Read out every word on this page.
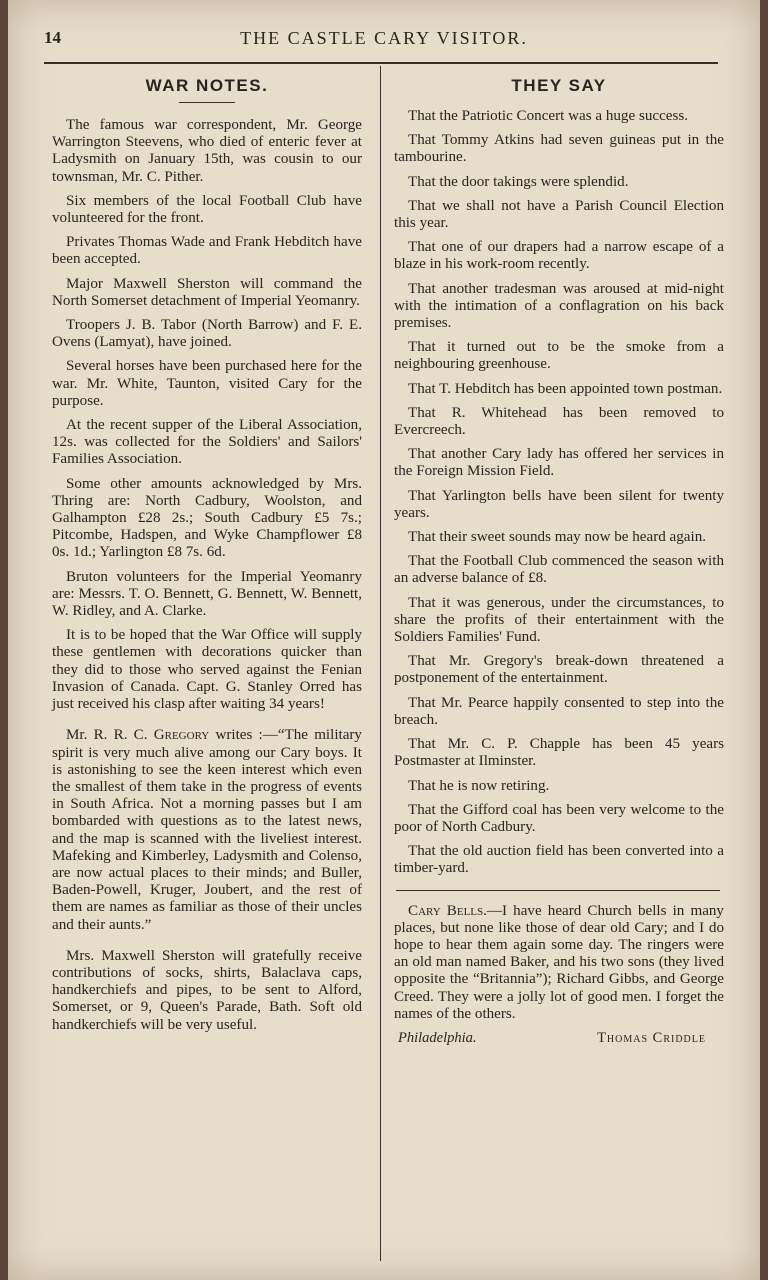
14	THE CASTLE CARY VISITOR.
WAR NOTES.

The famous war correspondent, Mr. George Warrington Steevens, who died of enteric fever at Ladysmith on January 15th, was cousin to our townsman, Mr. C. Pither.

Six members of the local Football Club have volunteered for the front.

Privates Thomas Wade and Frank Hebditch have been accepted.

Major Maxwell Sherston will command the North Somerset detachment of Imperial Yeomanry.

Troopers J. B. Tabor (North Barrow) and F. E. Ovens (Lamyat), have joined.

Several horses have been purchased here for the war. Mr. White, Taunton, visited Cary for the purpose.

At the recent supper of the Liberal Association, 12s. was collected for the Soldiers' and Sailors' Families Association.

Some other amounts acknowledged by Mrs. Thring are: North Cadbury, Woolston, and Galhampton £28 2s.; South Cadbury £5 7s.; Pitcombe, Hadspen, and Wyke Champflower £8 0s. 1d.; Yarlington £8 7s. 6d.

Bruton volunteers for the Imperial Yeomanry are: Messrs. T. O. Bennett, G. Bennett, W. Bennett, W. Ridley, and A. Clarke.

It is to be hoped that the War Office will supply these gentlemen with decorations quicker than they did to those who served against the Fenian Invasion of Canada. Capt. G. Stanley Orred has just received his clasp after waiting 34 years!

Mr. R. R. C. Gregory writes :—“The military spirit is very much alive among our Cary boys. It is astonishing to see the keen interest which even the smallest of them take in the progress of events in South Africa. Not a morning passes but I am bombarded with questions as to the latest news, and the map is scanned with the liveliest interest. Mafeking and Kimberley, Ladysmith and Colenso, are now actual places to their minds; and Buller, Baden-Powell, Kruger, Joubert, and the rest of them are names as familiar as those of their uncles and their aunts.”

Mrs. Maxwell Sherston will gratefully receive contributions of socks, shirts, Balaclava caps, handkerchiefs and pipes, to be sent to Alford, Somerset, or 9, Queen's Parade, Bath. Soft old handkerchiefs will be very useful.

THEY SAY

That the Patriotic Concert was a huge success.

That Tommy Atkins had seven guineas put in the tambourine.

That the door takings were splendid.

That we shall not have a Parish Council Election this year.

That one of our drapers had a narrow escape of a blaze in his work-room recently.

That another tradesman was aroused at mid-night with the intimation of a conflagration on his back premises.

That it turned out to be the smoke from a neighbouring greenhouse.

That T. Hebditch has been appointed town postman.

That R. Whitehead has been removed to Evercreech.

That another Cary lady has offered her services in the Foreign Mission Field.

That Yarlington bells have been silent for twenty years.

That their sweet sounds may now be heard again.

That the Football Club commenced the season with an adverse balance of £8.

That it was generous, under the circumstances, to share the profits of their entertainment with the Soldiers Families' Fund.

That Mr. Gregory's break-down threatened a postponement of the entertainment.

That Mr. Pearce happily consented to step into the breach.

That Mr. C. P. Chapple has been 45 years Postmaster at Ilminster.

That he is now retiring.

That the Gifford coal has been very welcome to the poor of North Cadbury.

That the old auction field has been converted into a timber-yard.

Cary Bells.—I have heard Church bells in many places, but none like those of dear old Cary; and I do hope to hear them again some day. The ringers were an old man named Baker, and his two sons (they lived opposite the “Britannia”); Richard Gibbs, and George Creed. They were a jolly lot of good men. I forget the names of the others.

Philadelphia.	Thomas Criddle
